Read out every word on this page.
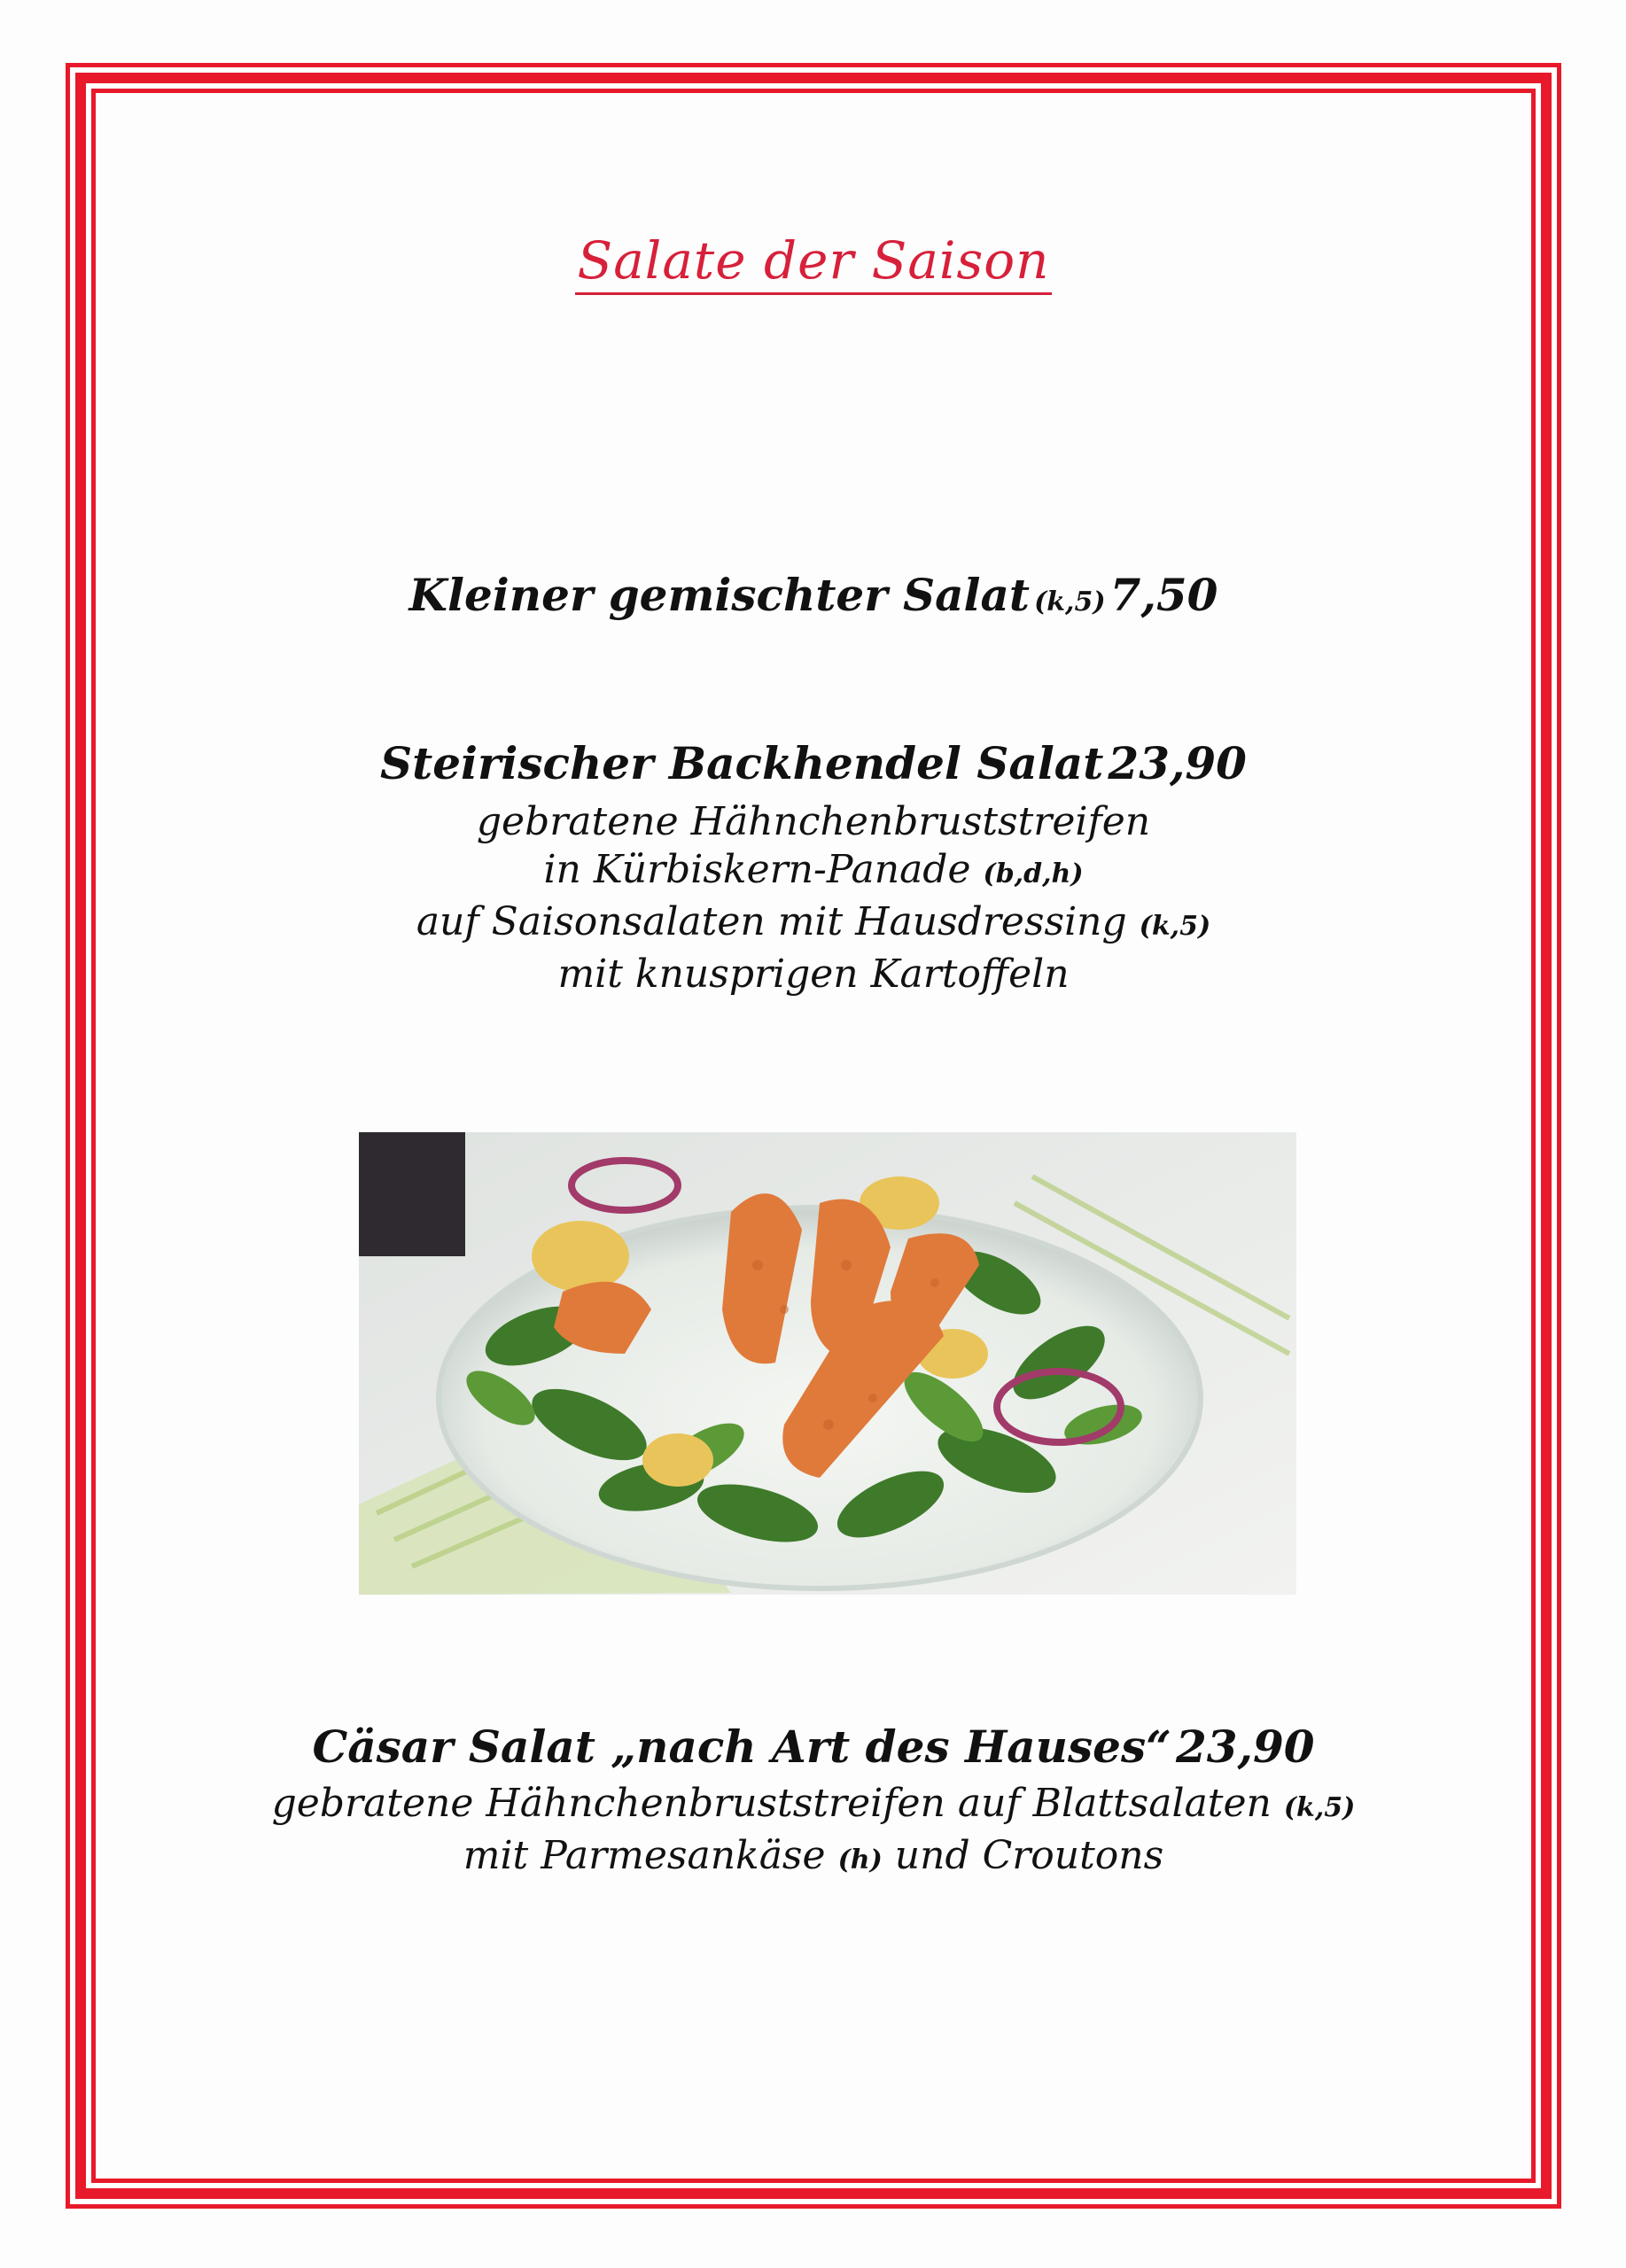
Salate der Saison
Kleiner gemischter Salat (k,5) 7,50
Steirischer Backhendel Salat 23,90
gebratene Hähnchenbruststreifen
in Kürbiskern-Panade (b,d,h)
auf Saisonsalaten mit Hausdressing (k,5)
mit knusprigen Kartoffeln
Cäsar Salat „nach Art des Hauses“ 23,90
gebratene Hähnchenbruststreifen auf Blattsalaten (k,5)
mit Parmesankäse (h) und Croutons
